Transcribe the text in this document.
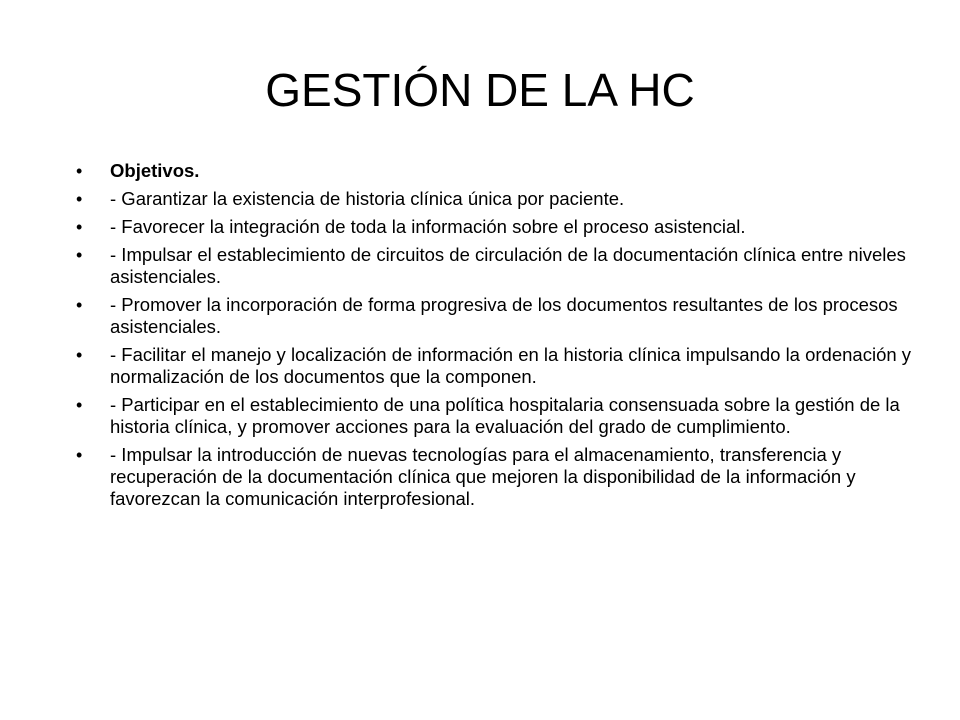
GESTIÓN DE LA HC
• Objetivos.
• - Garantizar la existencia de historia clínica única por paciente.
• - Favorecer la integración de toda la información sobre el proceso asistencial.
• - Impulsar el establecimiento de circuitos de circulación de la documentación clínica entre niveles asistenciales.
• - Promover la incorporación de forma progresiva de los documentos resultantes de los procesos asistenciales.
• - Facilitar el manejo y localización de información en la historia clínica impulsando la ordenación y normalización de los documentos que la componen.
• - Participar en el establecimiento de una política hospitalaria consensuada sobre la gestión de la historia clínica, y promover acciones para la evaluación del grado de cumplimiento.
• - Impulsar la introducción de nuevas tecnologías para el almacenamiento, transferencia y recuperación de la documentación clínica que mejoren la disponibilidad de la información y favorezcan la comunicación interprofesional.
